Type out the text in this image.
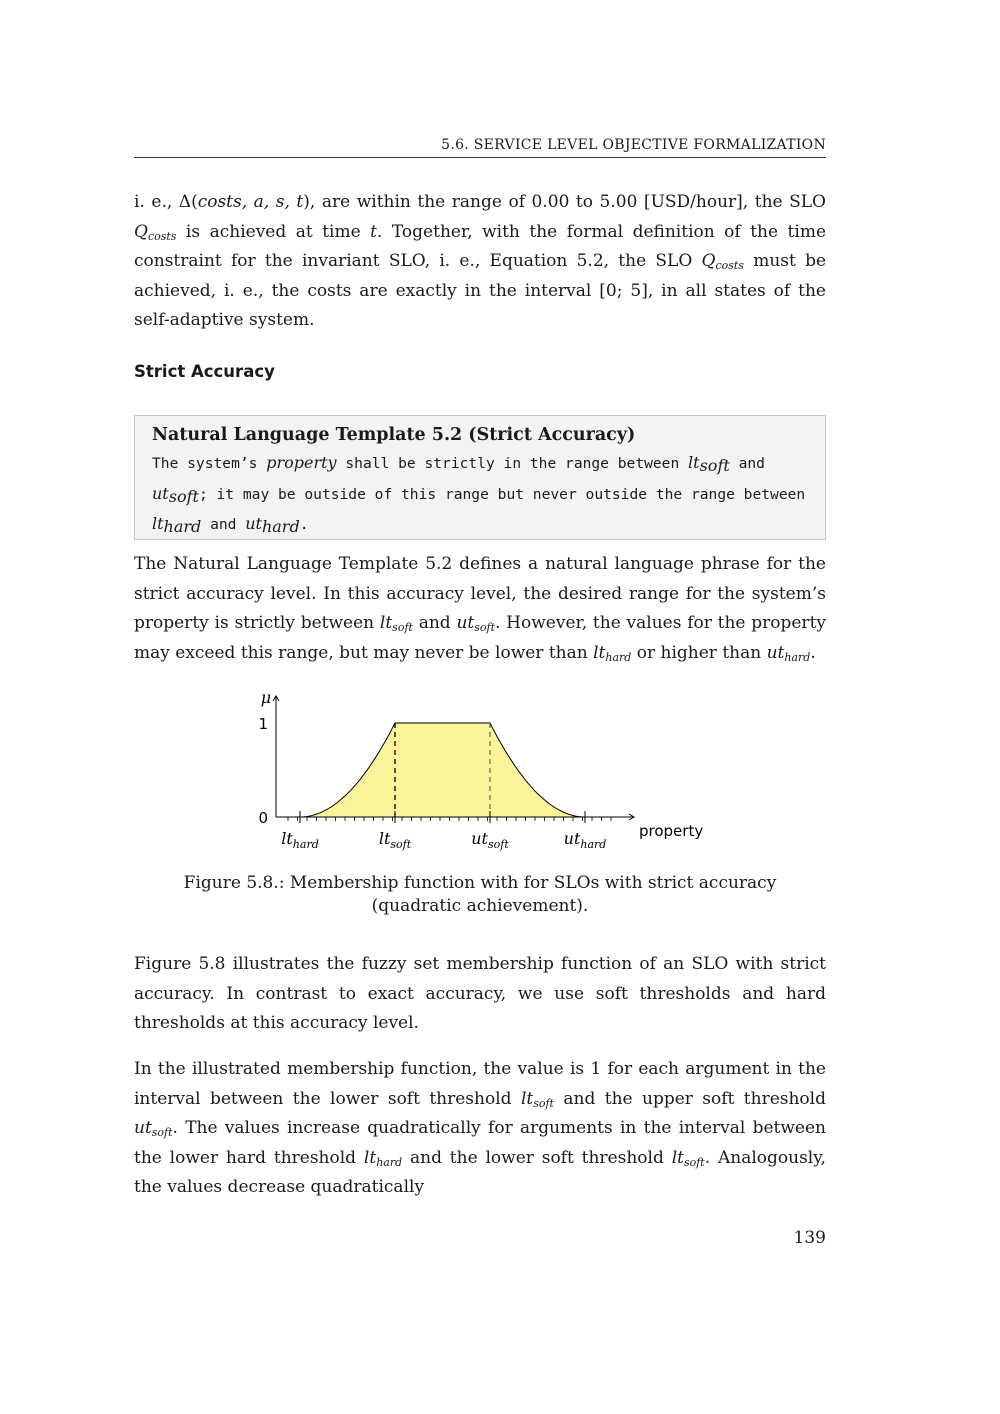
5.6. SERVICE LEVEL OBJECTIVE FORMALIZATION

i. e., Δ(costs, a, s, t), are within the range of 0.00 to 5.00 [USD/hour], the SLO $Q_{costs}$ is achieved at time t. Together, with the formal definition of the time constraint for the invariant SLO, i. e., Equation 5.2, the SLO $Q_{costs}$ must be achieved, i. e., the costs are exactly in the interval [0; 5], in all states of the self-adaptive system.

Strict Accuracy
Natural Language Template 5.2 (Strict Accuracy)
The system’s property shall be strictly in the range between $lt_{soft}$ and $ut_{soft}$; it may be outside of this range but never outside the range between $lt_{hard}$ and $ut_{hard}$.

The Natural Language Template 5.2 defines a natural language phrase for the strict accuracy level. In this accuracy level, the desired range for the system’s property is strictly between $lt_{soft}$ and $ut_{soft}$. However, the values for the property may exceed this range, but may never be lower than $lt_{hard}$ or higher than $ut_{hard}$.

$lt_{hard}$	$lt_{soft}$	$ut_{soft}$	$ut_{hard}$
0
1
μ
property
Figure 5.8.: Membership function with for SLOs with strict accuracy (quadratic achievement).

Figure 5.8 illustrates the fuzzy set membership function of an SLO with strict accuracy. In contrast to exact accuracy, we use soft thresholds and hard thresholds at this accuracy level.

In the illustrated membership function, the value is 1 for each argument in the interval between the lower soft threshold $lt_{soft}$ and the upper soft threshold $ut_{soft}$. The values increase quadratically for arguments in the interval between the lower hard threshold $lt_{hard}$ and the lower soft threshold $lt_{soft}$. Analogously, the values decrease quadratically

139
